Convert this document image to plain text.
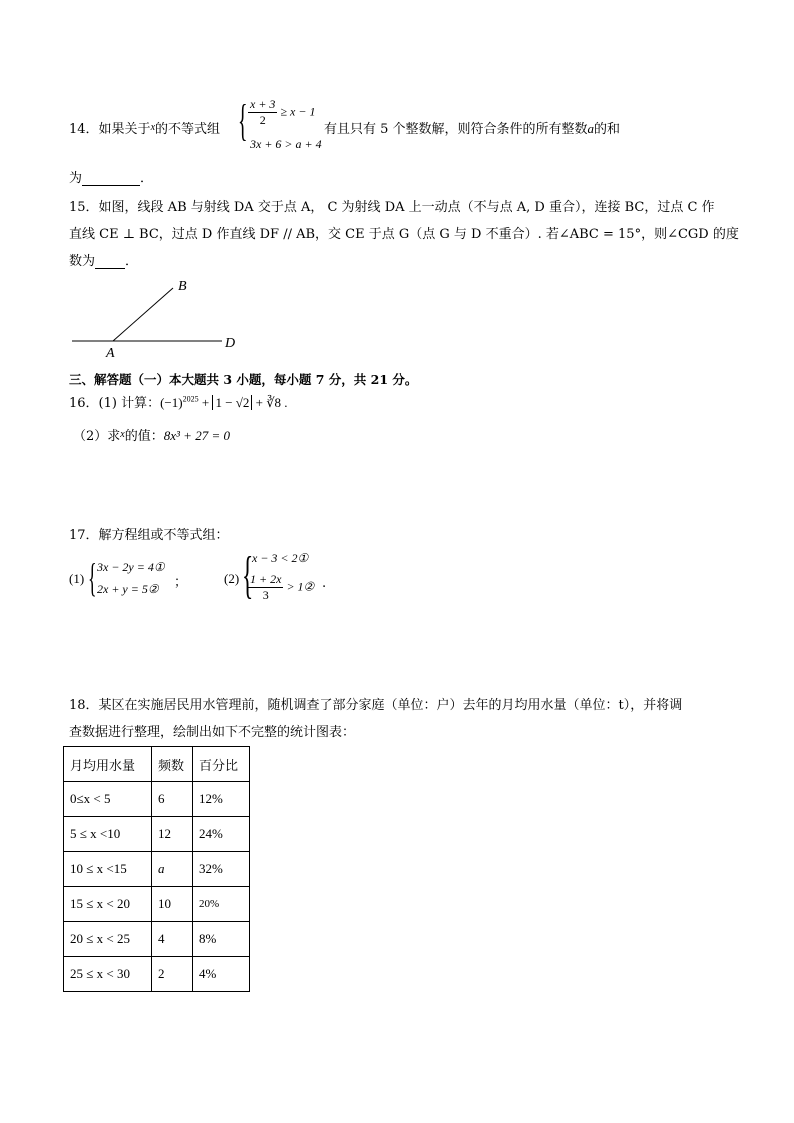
14．如果关于$^x$的不等式组 { $\frac{x + 3}{2} \ge x - 1$
3x + 6 > a + 4
有且只有 5 个整数解，则符合条件的所有整数a的和
为	．
15．如图，线段 AB 与射线 DA 交于点 A， C 为射线 DA 上一动点（不与点 A, D 重合），连接 BC，过点 C 作
直线 CE ⊥ BC，过点 D 作直线 DF // AB，交 CE 于点 G（点 G 与 D 不重合）. 若∠ABC = 15°，则∠CGD 的度
数为 ．
B
A
D
三、解答题（一）本大题共 3 小题，每小题 7 分，共 21 分。
16．(1) 计算：$(-1)^{2025} + 1 - √2$ + ∛8 .
（2）求$^x$的值：8x³ + 27 = 0
17．解方程组或不等式组：
(1) { 3x − 2y = 4①
2x + y = 5② ；	(2) {
x − 3 < 2①
$\frac{1 + 2x}{3}$ > 1② .
18．某区在实施居民用水管理前，随机调查了部分家庭（单位：户）去年的月均用水量（单位：t），并将调
查数据进行整理，绘制出如下不完整的统计图表：
月均用水量	频数	百分比
0≤x < 5	6	12%
5 ≤ x <10	12	24%
10 ≤ x <15	a	32%
15 ≤ x < 20	10	20%
20 ≤ x < 25	4	8%
25 ≤ x < 30	2	4%
